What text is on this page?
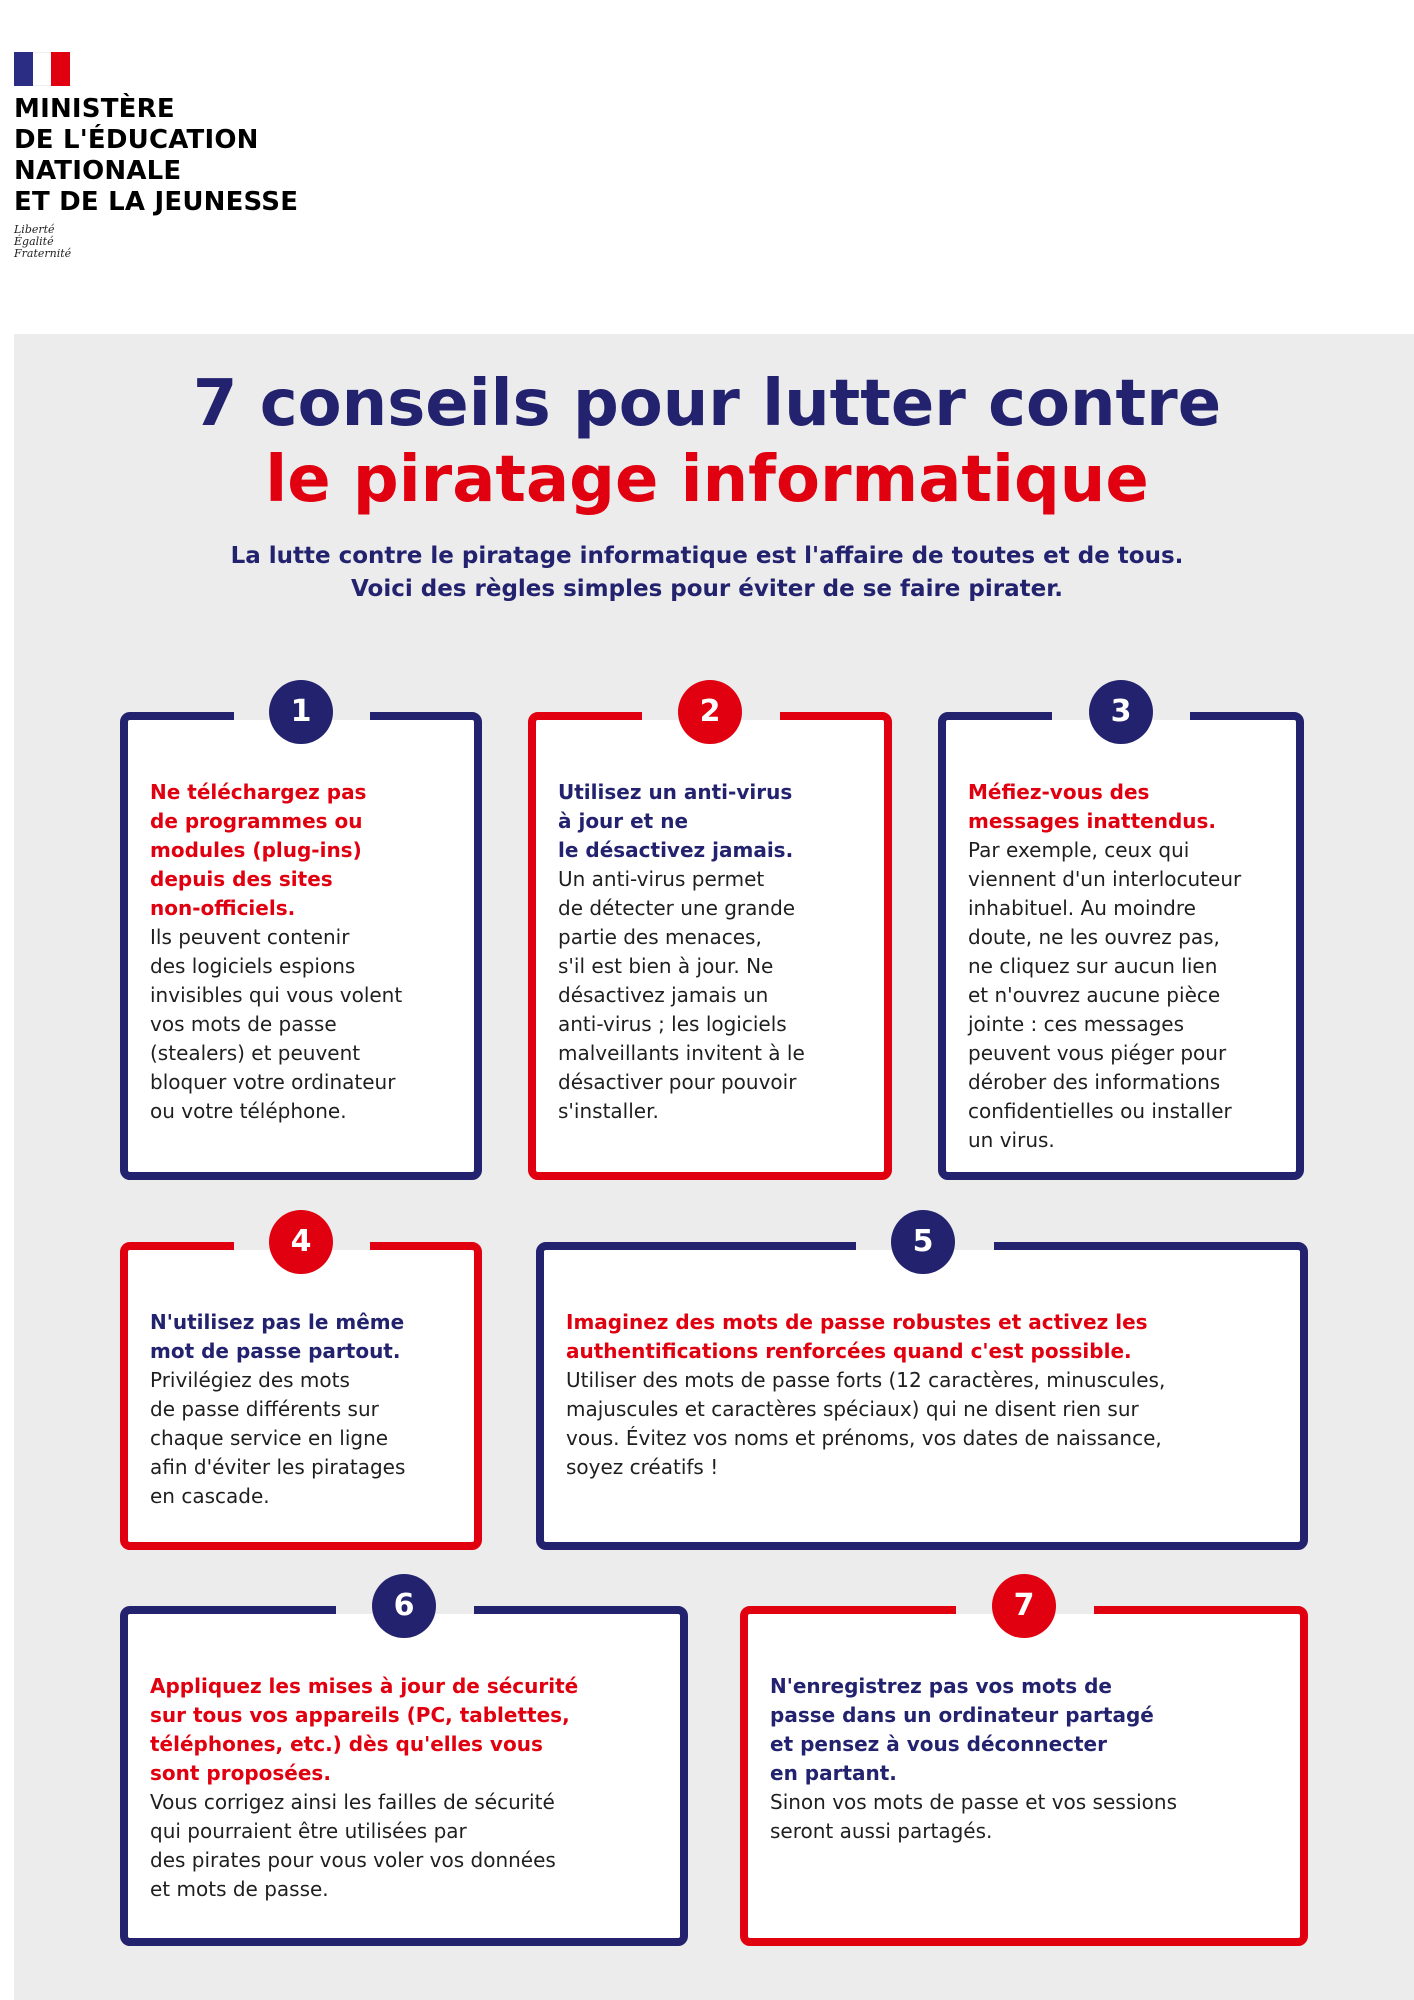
MINISTÈRE
DE L'ÉDUCATION
NATIONALE
ET DE LA JEUNESSE
Liberté
Égalité
Fraternité
7 conseils pour lutter contre
le piratage informatique
La lutte contre le piratage informatique est l'affaire de toutes et de tous.
Voici des règles simples pour éviter de se faire pirater.
1
Ne téléchargez pas
de programmes ou
modules (plug-ins)
depuis des sites
non-officiels.
Ils peuvent contenir
des logiciels espions
invisibles qui vous volent
vos mots de passe
(stealers) et peuvent
bloquer votre ordinateur
ou votre téléphone.
2
Utilisez un anti-virus
à jour et ne
le désactivez jamais.
Un anti-virus permet
de détecter une grande
partie des menaces,
s'il est bien à jour. Ne
désactivez jamais un
anti-virus ; les logiciels
malveillants invitent à le
désactiver pour pouvoir
s'installer.
3
Méfiez-vous des
messages inattendus.
Par exemple, ceux qui
viennent d'un interlocuteur
inhabituel. Au moindre
doute, ne les ouvrez pas,
ne cliquez sur aucun lien
et n'ouvrez aucune pièce
jointe : ces messages
peuvent vous piéger pour
dérober des informations
confidentielles ou installer
un virus.
4
N'utilisez pas le même
mot de passe partout.
Privilégiez des mots
de passe différents sur
chaque service en ligne
afin d'éviter les piratages
en cascade.
5
Imaginez des mots de passe robustes et activez les
authentifications renforcées quand c'est possible.
Utiliser des mots de passe forts (12 caractères, minuscules,
majuscules et caractères spéciaux) qui ne disent rien sur
vous. Évitez vos noms et prénoms, vos dates de naissance,
soyez créatifs !
6
Appliquez les mises à jour de sécurité
sur tous vos appareils (PC, tablettes,
téléphones, etc.) dès qu'elles vous
sont proposées.
Vous corrigez ainsi les failles de sécurité
qui pourraient être utilisées par
des pirates pour vous voler vos données
et mots de passe.
7
N'enregistrez pas vos mots de
passe dans un ordinateur partagé
et pensez à vous déconnecter
en partant.
Sinon vos mots de passe et vos sessions
seront aussi partagés.
